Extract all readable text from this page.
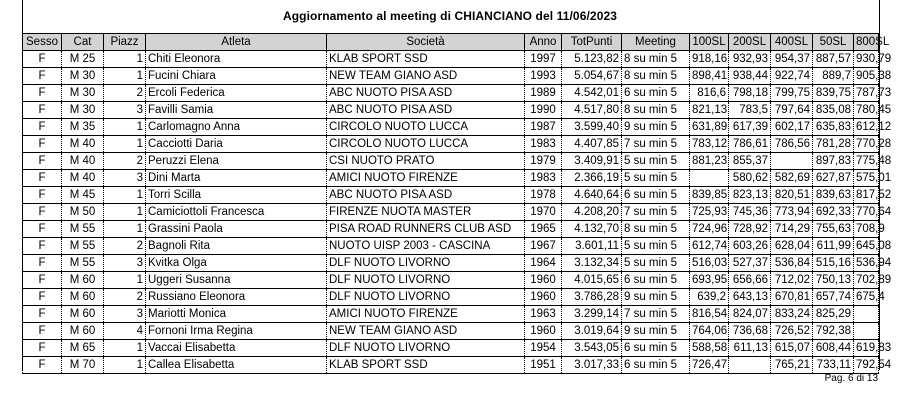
Aggiornamento al meeting di CHIANCIANO del 11/06/2023
Sesso	Cat	Piazz	Atleta	Società	Anno	TotPunti	Meeting	100SL	200SL	400SL	50SL	800SL
F	M 25	1	Chiti Eleonora	KLAB SPORT SSD	1997	5.123,82	8 su min 5	918,16	932,93	954,37	887,57	930,79
F	M 30	1	Fucini Chiara	NEW TEAM GIANO ASD	1993	5.054,67	8 su min 5	898,41	938,44	922,74	889,7	905,38
F	M 30	2	Ercoli Federica	ABC NUOTO PISA ASD	1989	4.542,01	6 su min 5	816,6	798,18	799,75	839,75	787,73
F	M 30	3	Favilli Samia	ABC NUOTO PISA ASD	1990	4.517,80	8 su min 5	821,13	783,5	797,64	835,08	780,45
F	M 35	1	Carlomagno Anna	CIRCOLO NUOTO LUCCA	1987	3.599,40	9 su min 5	631,89	617,39	602,17	635,83	612,12
F	M 40	1	Cacciotti Daria	CIRCOLO NUOTO LUCCA	1983	4.407,85	7 su min 5	783,12	786,61	786,56	781,28	770,28
F	M 40	2	Peruzzi Elena	CSI NUOTO PRATO	1979	3.409,91	5 su min 5	881,23	855,37		897,83	775,48
F	M 40	3	Dini Marta	AMICI NUOTO FIRENZE	1983	2.366,19	5 su min 5		580,62	582,69	627,87	575,01
F	M 45	1	Torri Scilla	ABC NUOTO PISA ASD	1978	4.640,64	6 su min 5	839,85	823,13	820,51	839,63	817,52
F	M 50	1	Camiciottoli Francesca	FIRENZE NUOTA MASTER	1970	4.208,20	7 su min 5	725,93	745,36	773,94	692,33	770,64
F	M 55	1	Grassini Paola	PISA ROAD RUNNERS CLUB ASD	1965	4.132,70	8 su min 5	724,96	728,92	714,29	755,63	708,9
F	M 55	2	Bagnoli Rita	NUOTO UISP 2003 - CASCINA	1967	3.601,11	5 su min 5	612,74	603,26	628,04	611,99	645,08
F	M 55	3	Kvitka Olga	DLF NUOTO LIVORNO	1964	3.132,34	5 su min 5	516,03	527,37	536,84	515,16	536,94
F	M 60	1	Uggeri Susanna	DLF NUOTO LIVORNO	1960	4.015,65	6 su min 5	693,95	656,66	712,02	750,13	702,89
F	M 60	2	Russiano Eleonora	DLF NUOTO LIVORNO	1960	3.786,28	9 su min 5	639,2	643,13	670,81	657,74	675,4
F	M 60	3	Mariotti Monica	AMICI NUOTO FIRENZE	1963	3.299,14	7 su min 5	816,54	824,07	833,24	825,29	
F	M 60	4	Fornoni Irma Regina	NEW TEAM GIANO ASD	1960	3.019,64	9 su min 5	764,06	736,68	726,52	792,38	
F	M 65	1	Vaccai Elisabetta	DLF NUOTO LIVORNO	1954	3.543,05	6 su min 5	588,58	611,13	615,07	608,44	619,83
F	M 70	1	Callea Elisabetta	KLAB SPORT SSD	1951	3.017,33	6 su min 5	726,47		765,21	733,11	792,54
Pag. 6 di 13
